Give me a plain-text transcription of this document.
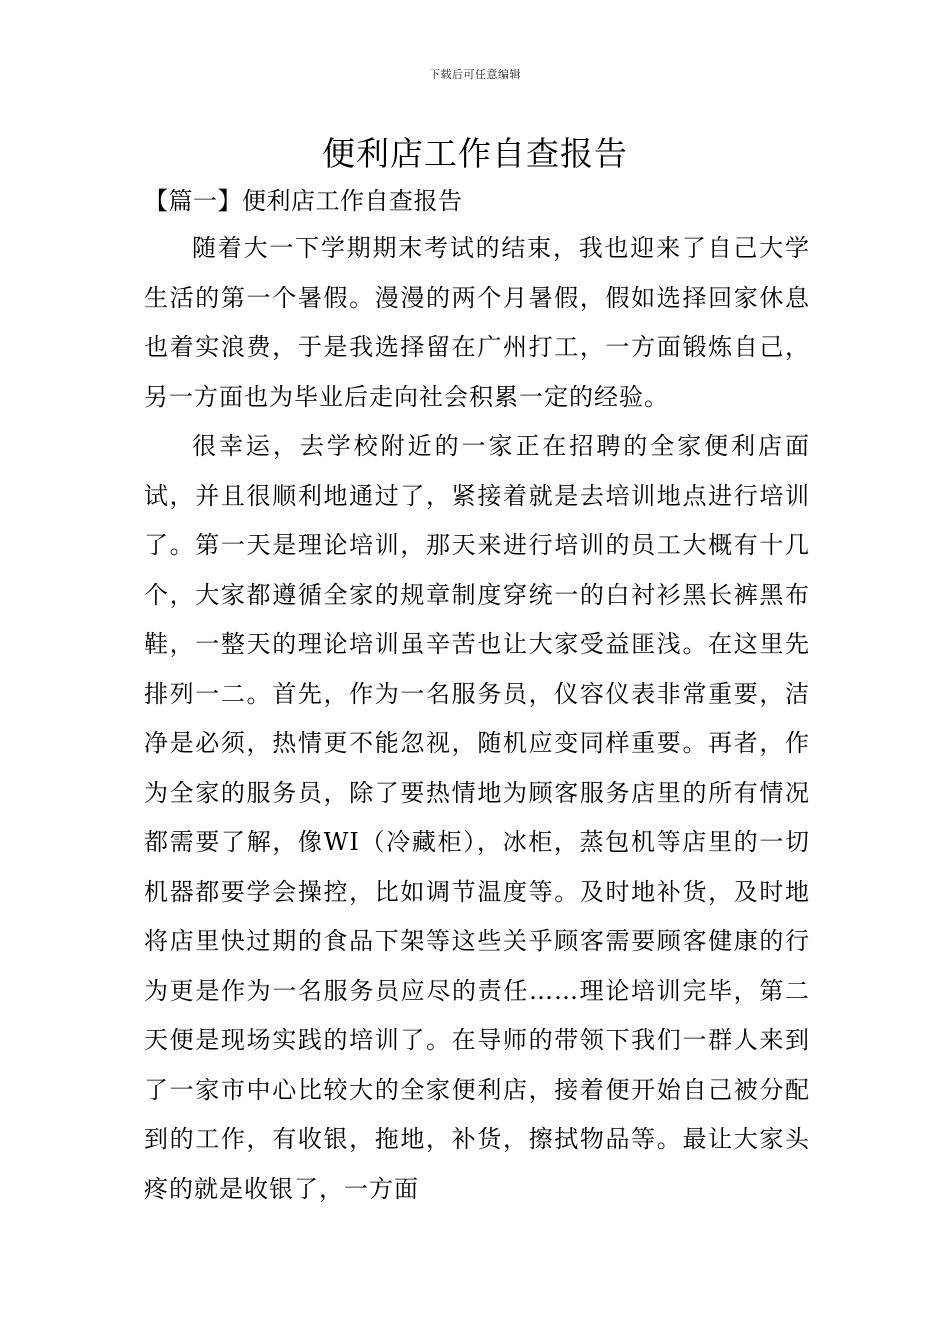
下载后可任意编辑
便利店工作自查报告
【篇一】便利店工作自查报告

随着大一下学期期末考试的结束，我也迎来了自己大学生活的第一个暑假。漫漫的两个月暑假，假如选择回家休息也着实浪费，于是我选择留在广州打工，一方面锻炼自己，另一方面也为毕业后走向社会积累一定的经验。

很幸运，去学校附近的一家正在招聘的全家便利店面试，并且很顺利地通过了，紧接着就是去培训地点进行培训了。第一天是理论培训，那天来进行培训的员工大概有十几个，大家都遵循全家的规章制度穿统一的白衬衫黑长裤黑布鞋，一整天的理论培训虽辛苦也让大家受益匪浅。在这里先排列一二。首先，作为一名服务员，仪容仪表非常重要，洁净是必须，热情更不能忽视，随机应变同样重要。再者，作为全家的服务员，除了要热情地为顾客服务店里的所有情况都需要了解，像WI（冷藏柜），冰柜，蒸包机等店里的一切机器都要学会操控，比如调节温度等。及时地补货，及时地将店里快过期的食品下架等这些关乎顾客需要顾客健康的行为更是作为一名服务员应尽的责任……理论培训完毕，第二天便是现场实践的培训了。在导师的带领下我们一群人来到了一家市中心比较大的全家便利店，接着便开始自己被分配到的工作，有收银，拖地，补货，擦拭物品等。最让大家头疼的就是收银了，一方面
